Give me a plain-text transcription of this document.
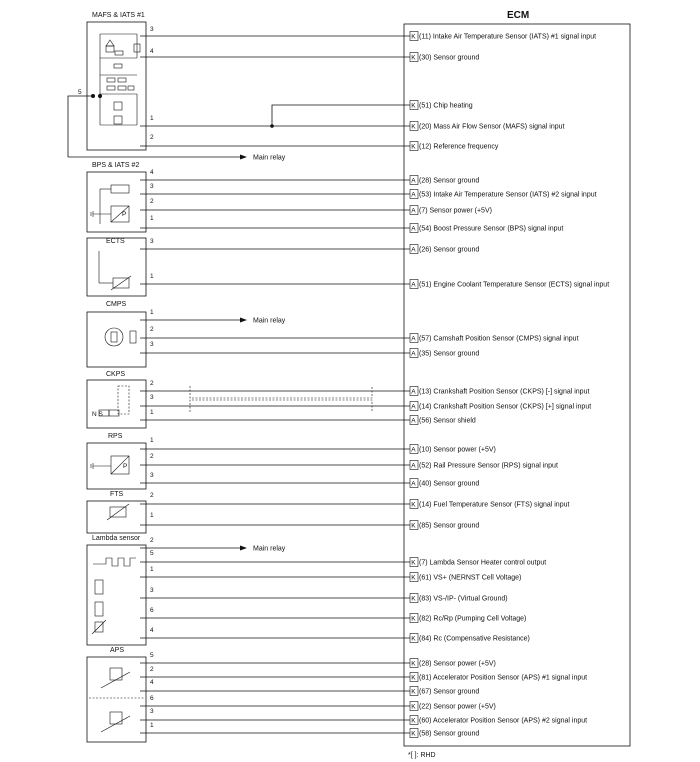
ECM
*[ ]: RHD
MAFS & IATS #1
BPS & IATS #2
ECTS
CMPS
CKPS
RPS
FTS
Lambda sensor
APS
P
N S
P
5
3
K (11) Intake Air Temperature Sensor (IATS) #1 signal input
4
K (30) Sensor ground
K (51) Chip heating
1
K (20) Mass Air Flow Sensor (MAFS) signal input
2
K (12) Reference frequency
4
A (28) Sensor ground
3
A (53) Intake Air Temperature Sensor (IATS) #2 signal input
2
A (7) Sensor power (+5V)
1
A (54) Boost Pressure Sensor (BPS) signal input
3
A (26) Sensor ground
1
A (51) Engine Coolant Temperature Sensor (ECTS) signal input
2
A (57) Camshaft Position Sensor (CMPS) signal input
3
A (35) Sensor ground
2
A (13) Crankshaft Position Sensor (CKPS) [-] signal input
3
A (14) Crankshaft Position Sensor (CKPS) [+] signal input
1
A (56) Sensor shield
1
A (10) Sensor power (+5V)
2
A (52) Rail Pressure Sensor (RPS) signal input
3
A (40) Sensor ground
2
K (14) Fuel Temperature Sensor (FTS) signal input
1
K (85) Sensor ground
5
K (7) Lambda Sensor Heater control output
1
K (61) VS+ (NERNST Cell Voltage)
3
K (83) VS-/IP- (Virtual Ground)
6
K (82) Rc/Rp (Pumping Cell Voltage)
4
K (84) Rc (Compensative Resistance)
5
K (28) Sensor power (+5V)
2
K (81) Accelerator Position Sensor (APS) #1 signal input
4
K (67) Sensor ground
6
K (22) Sensor power (+5V)
3
K (60) Accelerator Position Sensor (APS) #2 signal input
1
K (58) Sensor ground
Main relay
Main relay
1
Main relay
2
